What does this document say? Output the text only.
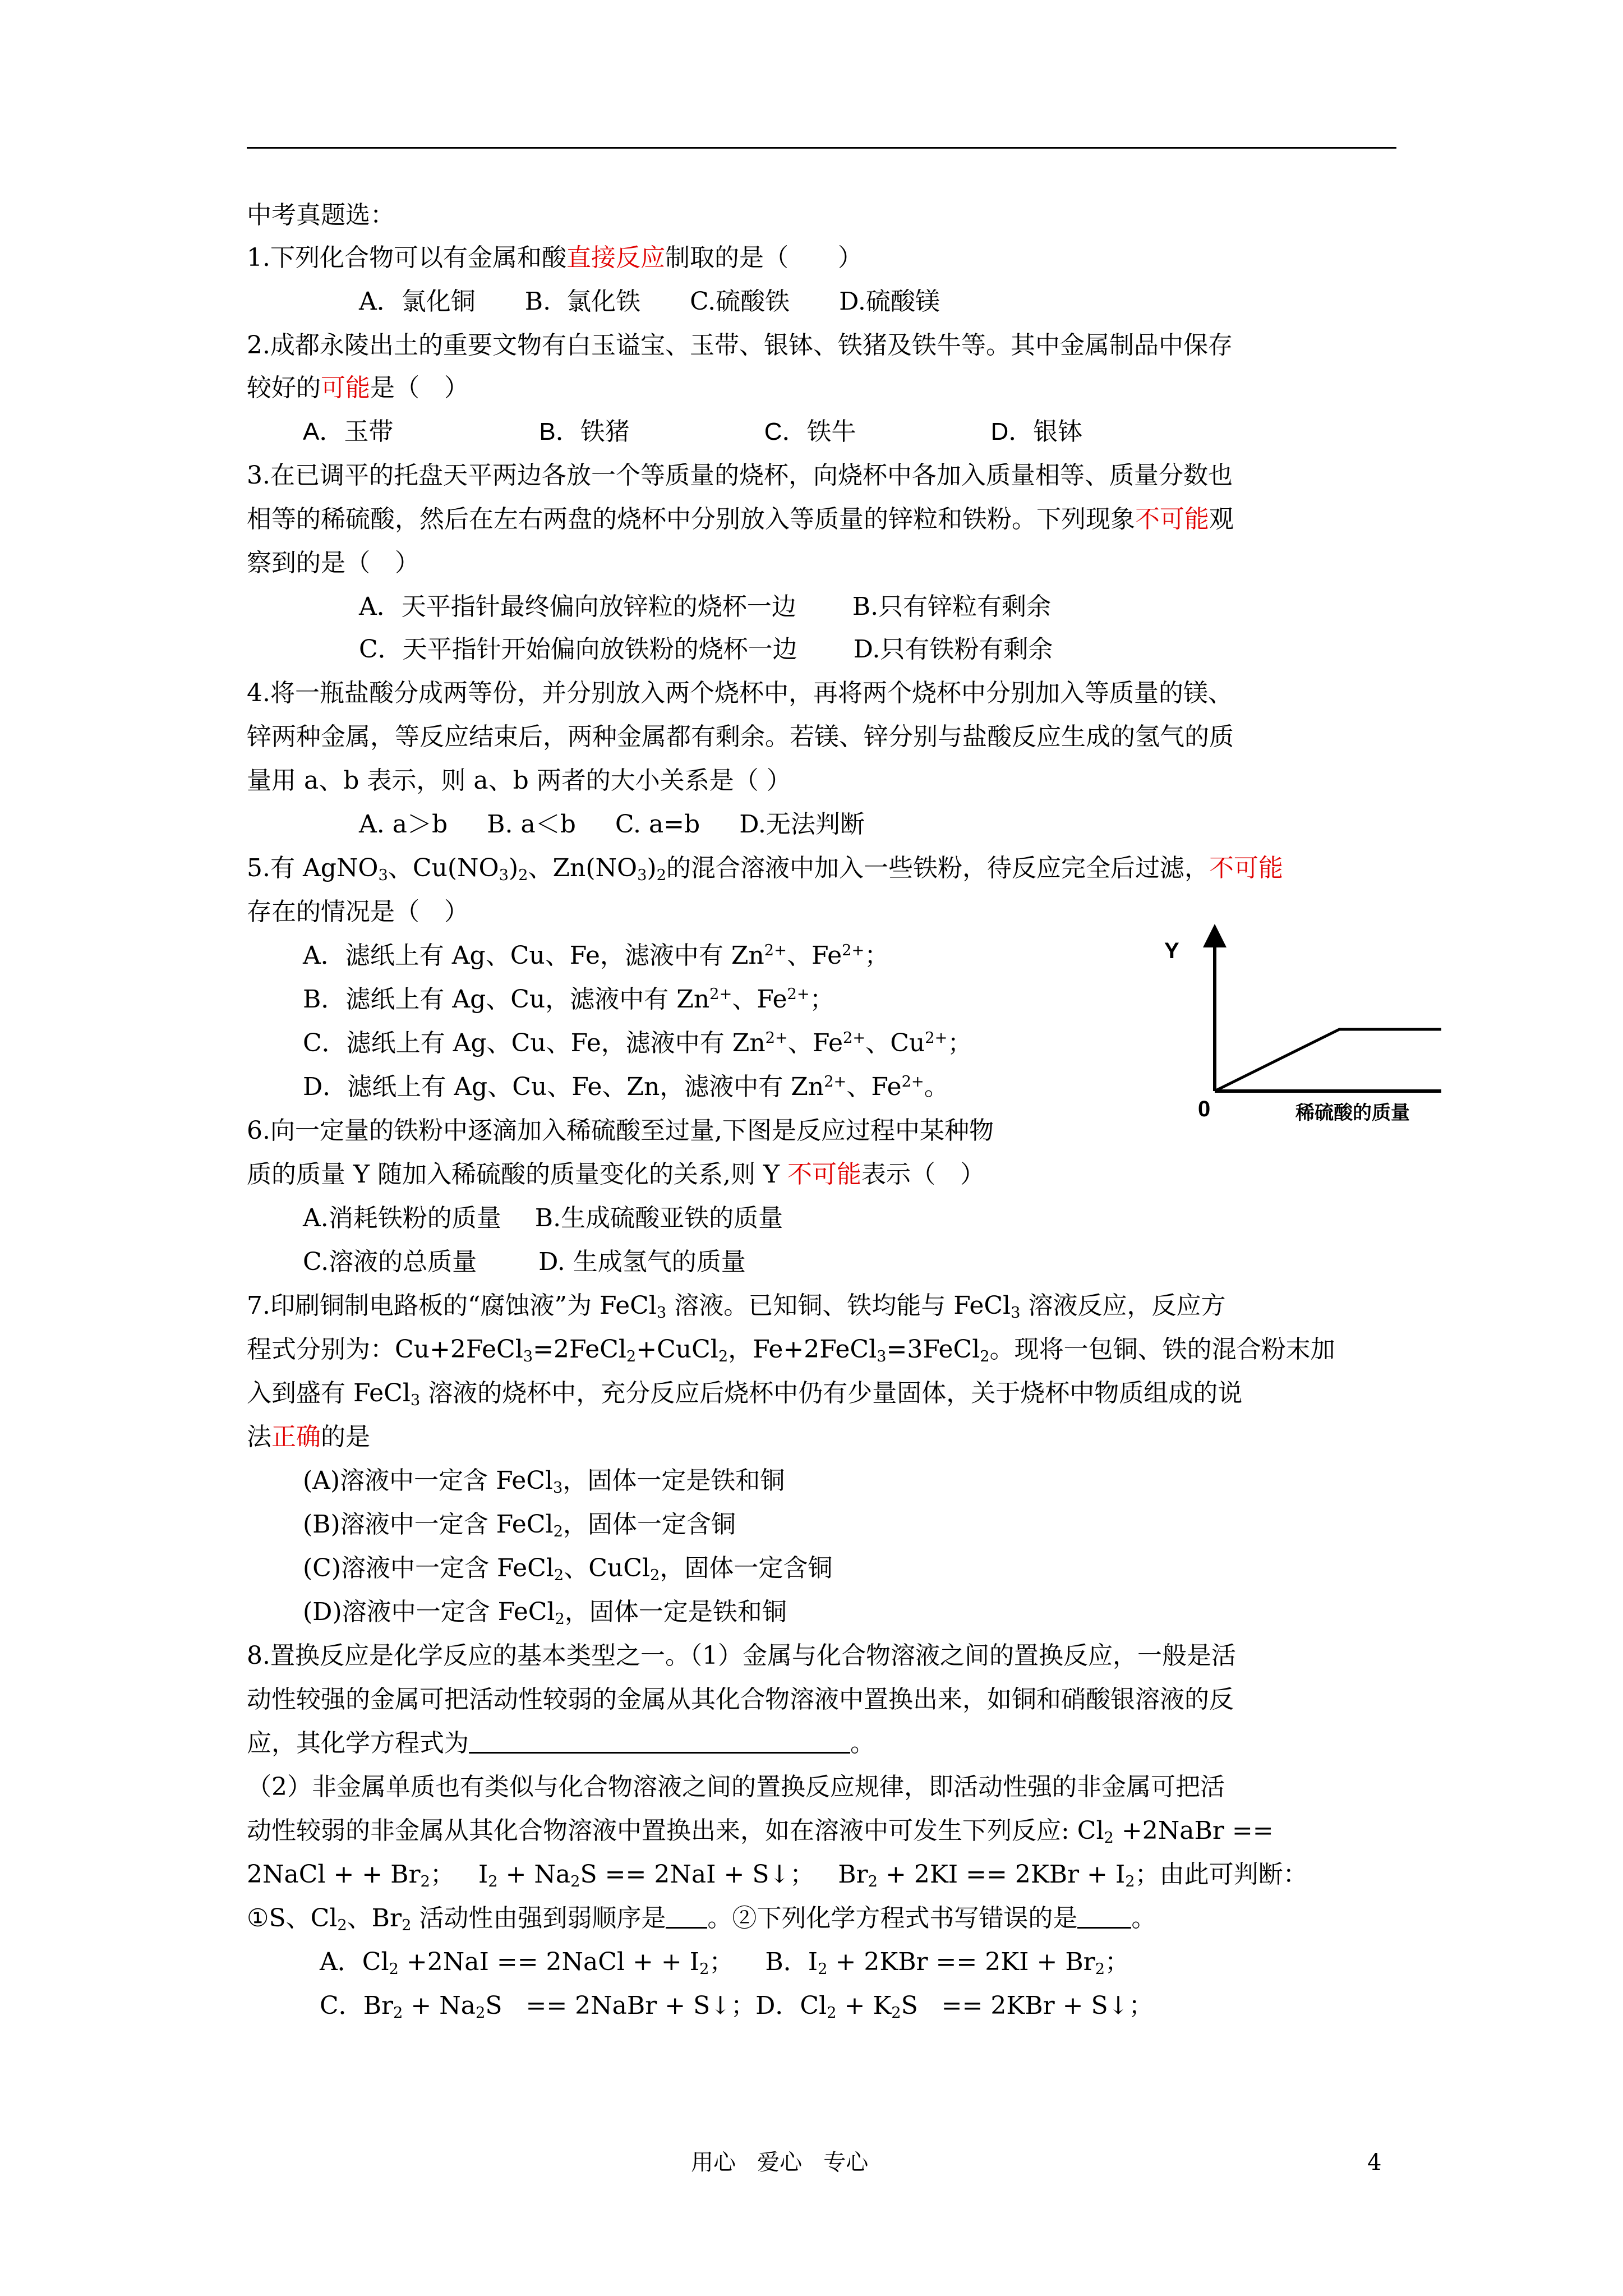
中考真题选：
1.下列化合物可以有金属和酸直接反应制取的是（　　）
A．氯化铜 B.  氯化铁 C.硫酸铁 D.硫酸镁
2.成都永陵出土的重要文物有白玉谥宝、玉带、银钵、铁猪及铁牛等。其中金属制品中保存
较好的可能是（　）
A．玉带	B．铁猪	C．铁牛	D．银钵
3.在已调平的托盘天平两边各放一个等质量的烧杯，向烧杯中各加入质量相等、质量分数也
相等的稀硫酸，然后在左右两盘的烧杯中分别放入等质量的锌粒和铁粉。下列现象不可能观
察到的是（　）
A．天平指针最终偏向放锌粒的烧杯一边 B.只有锌粒有剩余
C．天平指针开始偏向放铁粉的烧杯一边 D.只有铁粉有剩余
4.将一瓶盐酸分成两等份，并分别放入两个烧杯中，再将两个烧杯中分别加入等质量的镁、
锌两种金属，等反应结束后，两种金属都有剩余。若镁、锌分别与盐酸反应生成的氢气的质
量用 a、b 表示，则 a、b 两者的大小关系是（ ）
A. a＞b B. a＜b C. a=b D.无法判断
5.有 AgNO$_3$、$Cu(NO_3)_2$、$Zn(NO_3)_2$的混合溶液中加入一些铁粉，待反应完全后过滤，不可能
存在的情况是（　）
A．滤纸上有 Ag、Cu、Fe，滤液中有 $Zn^{2+}$、$Fe^{2+}$；
B．滤纸上有 Ag、Cu，滤液中有 $Zn^{2+}$、$Fe^{2+}$；
C．滤纸上有 Ag、Cu、Fe，滤液中有 $Zn^{2+}$、$Fe^{2+}$、$Cu^{2+}$；
D．滤纸上有 Ag、Cu、Fe、Zn，滤液中有 $Zn^{2+}$、$Fe^{2+}$。
Y
0	稀硫酸的质量
6.向一定量的铁粉中逐滴加入稀硫酸至过量,下图是反应过程中某种物
质的质量 Y 随加入稀硫酸的质量变化的关系,则 Y 不可能表示（　）
A.消耗铁粉的质量 B.生成硫酸亚铁的质量
C.溶液的总质量	D. 生成氢气的质量
7.印刷铜制电路板的“腐蚀液”为 FeCl$_3$ 溶液。已知铜、铁均能与 FeCl$_3$ 溶液反应，反应方
程式分别为：Cu+2FeCl$_3$=2FeCl$_2$+CuCl$_2$，Fe+2FeCl$_3$=3FeCl$_2$。现将一包铜、铁的混合粉末加
入到盛有 FeCl$_3$ 溶液的烧杯中，充分反应后烧杯中仍有少量固体，关于烧杯中物质组成的说
法正确的是
(A)溶液中一定含 FeCl$_3$，固体一定是铁和铜
(B)溶液中一定含 FeCl$_2$，固体一定含铜
(C)溶液中一定含 FeCl$_2$、CuCl$_2$，固体一定含铜
(D)溶液中一定含 FeCl$_2$，固体一定是铁和铜
8.置换反应是化学反应的基本类型之一。（1）金属与化合物溶液之间的置换反应，一般是活
动性较强的金属可把活动性较弱的金属从其化合物溶液中置换出来，如铜和硝酸银溶液的反
应，其化学方程式为	。
（2）非金属单质也有类似与化合物溶液之间的置换反应规律，即活动性强的非金属可把活
动性较弱的非金属从其化合物溶液中置换出来，如在溶液中可发生下列反应: $Cl_2$ +2NaBr ==
2NaCl + + $Br_2$；   $I_2 + Na_2S == 2NaI$ + S↓；   $Br_2 + 2KI == 2KBr + I_2$；由此可判断：
①S、$Cl_2$、$Br_2$ 活动性由强到弱顺序是 。②下列化学方程式书写错误的是 。
A．$Cl_2 +2NaI$ == 2NaCl + + $I_2$；    B．$I_2 + 2KBr == 2KI + Br_2$；
C．$Br_2 + Na_2S$   == 2NaBr + S↓；D．$Cl_2 + K_2S == 2KBr$ + S↓；
用心   爱心   专心	4
